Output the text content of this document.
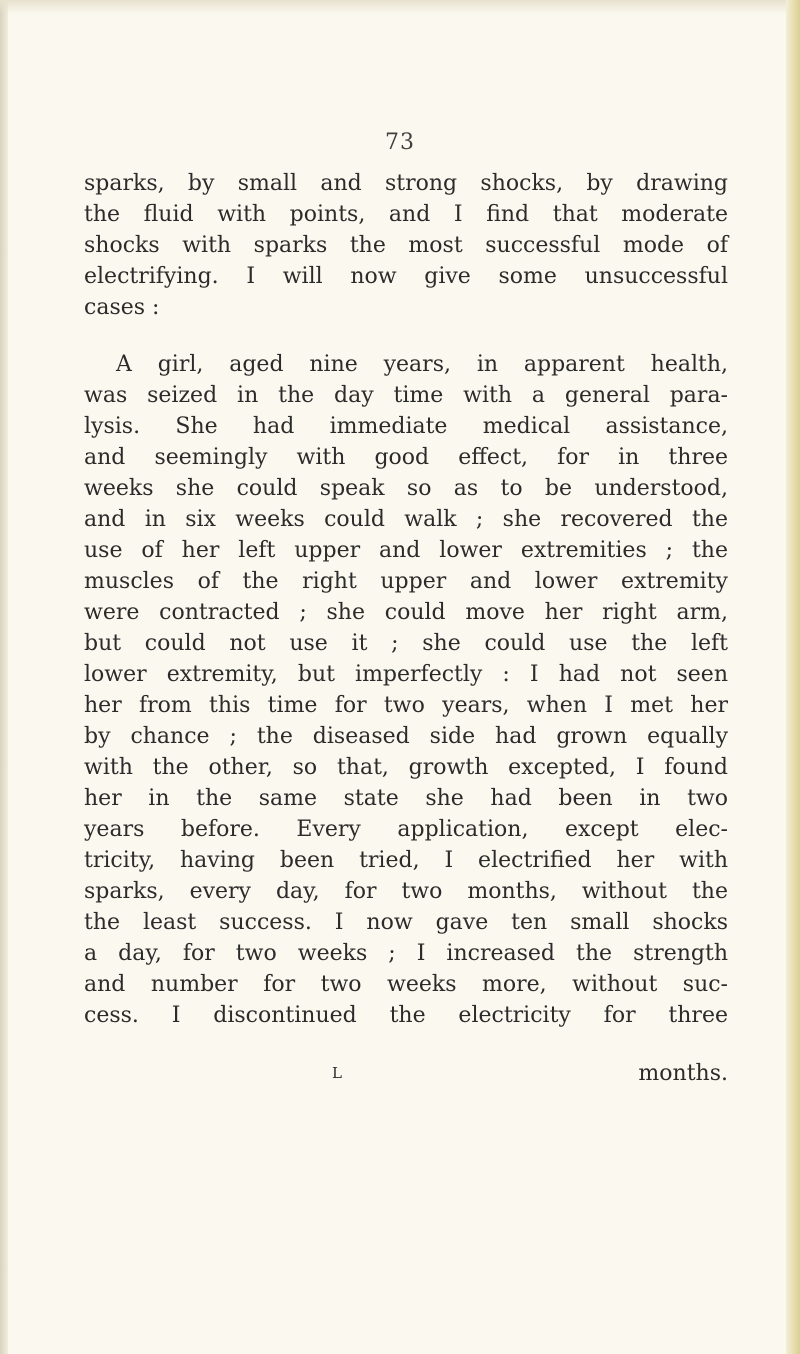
73
sparks, by small and strong shocks, by drawing
the fluid with points, and I find that moderate
shocks with sparks the most successful mode of
electrifying. I will now give some unsuccessful
cases :
A girl, aged nine years, in apparent health,
was seized in the day time with a general para-
lysis. She had immediate medical assistance,
and seemingly with good effect, for in three
weeks she could speak so as to be understood,
and in six weeks could walk ; she recovered the
use of her left upper and lower extremities ; the
muscles of the right upper and lower extremity
were contracted ; she could move her right arm,
but could not use it ; she could use the left
lower extremity, but imperfectly : I had not seen
her from this time for two years, when I met her
by chance ; the diseased side had grown equally
with the other, so that, growth excepted, I found
her in the same state she had been in two
years before. Every application, except elec-
tricity, having been tried, I electrified her with
sparks, every day, for two months, without the
the least success. I now gave ten small shocks
a day, for two weeks ; I increased the strength
and number for two weeks more, without suc-
cess. I discontinued the electricity for three
L	months.
